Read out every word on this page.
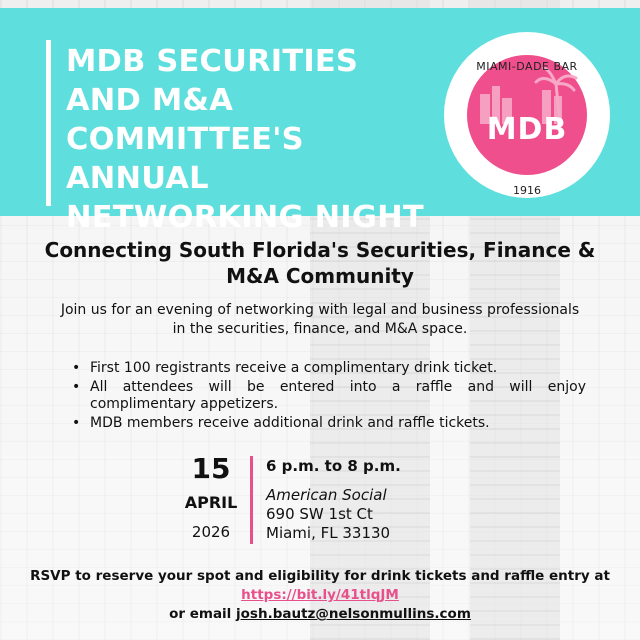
MDB SECURITIES AND M&A COMMITTEE'S ANNUAL NETWORKING NIGHT
MIAMI-DADE BAR
MDB
1916
Connecting South Florida's Securities, Finance & M&A Community
Join us for an evening of networking with legal and business professionals in the securities, finance, and M&A space.
• First 100 registrants receive a complimentary drink ticket.
• All attendees will be entered into a raffle and will enjoy complimentary appetizers.
• MDB members receive additional drink and raffle tickets.
15
APRIL
2026
6 p.m. to 8 p.m.
American Social
690 SW 1st Ct
Miami, FL 33130
RSVP to reserve your spot and eligibility for drink tickets and raffle entry at https://bit.ly/41tlqJM
or email josh.bautz@nelsonmullins.com
